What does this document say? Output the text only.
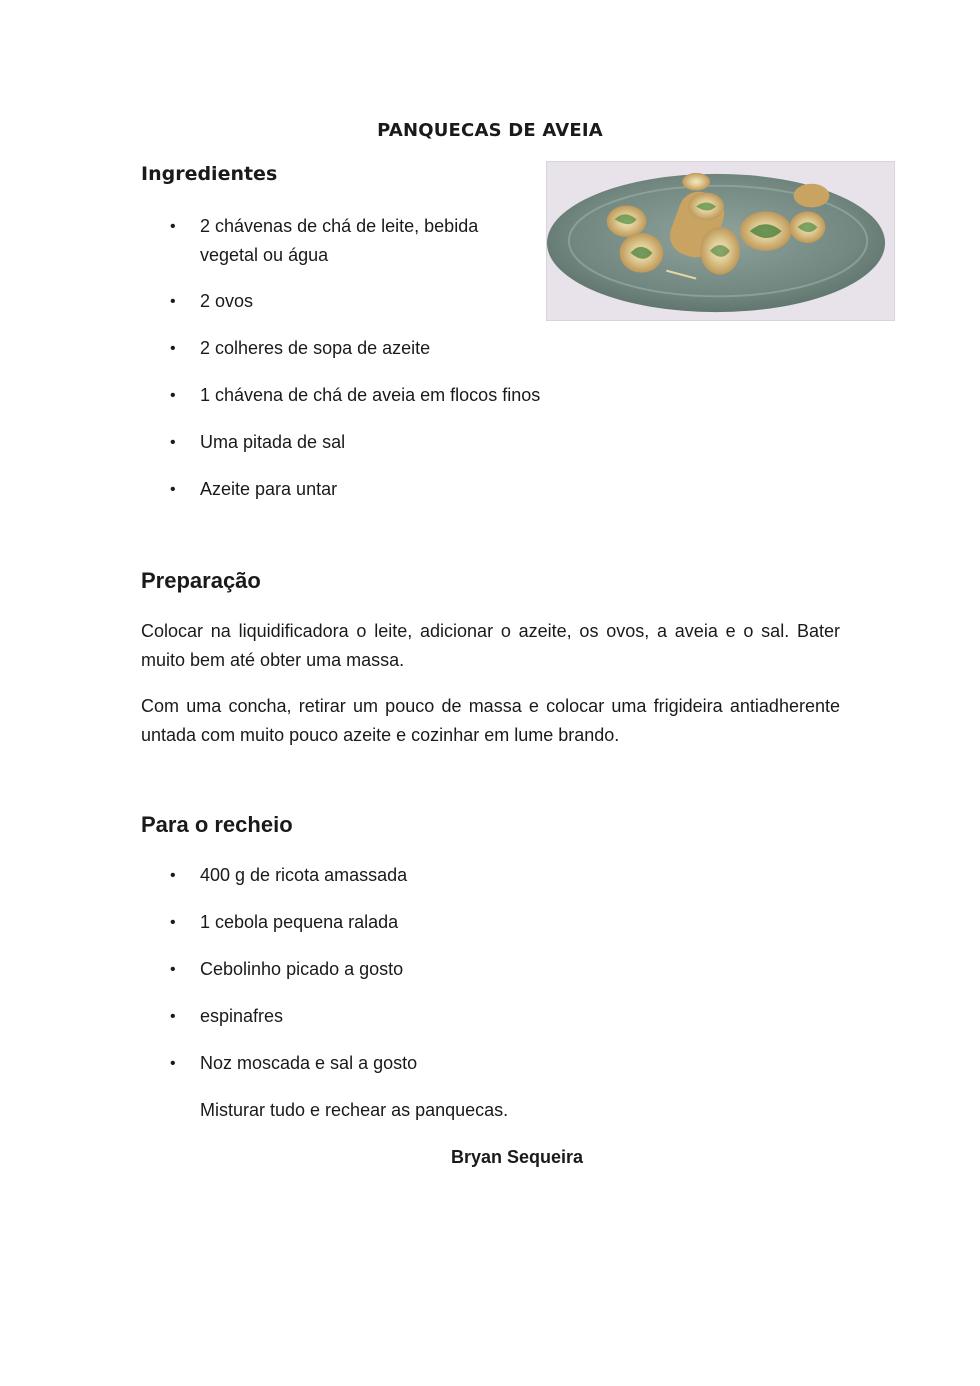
PANQUECAS DE AVEIA
Ingredientes
• 2 chávenas de chá de leite, bebida
vegetal ou água
• 2 ovos
• 2 colheres de sopa de azeite
• 1 chávena de chá de aveia em flocos finos
• Uma pitada de sal
• Azeite para untar
Preparação

Colocar na liquidificadora o leite, adicionar o azeite, os ovos, a aveia e o sal. Bater muito bem até obter uma massa.

Com uma concha, retirar um pouco de massa e colocar uma frigideira antiadherente untada com muito pouco azeite e cozinhar em lume brando.

Para o recheio
• 400 g de ricota amassada
• 1 cebola pequena ralada
• Cebolinho picado a gosto
• espinafres
• Noz moscada e sal a gosto
Misturar tudo e rechear as panquecas.
Bryan Sequeira
